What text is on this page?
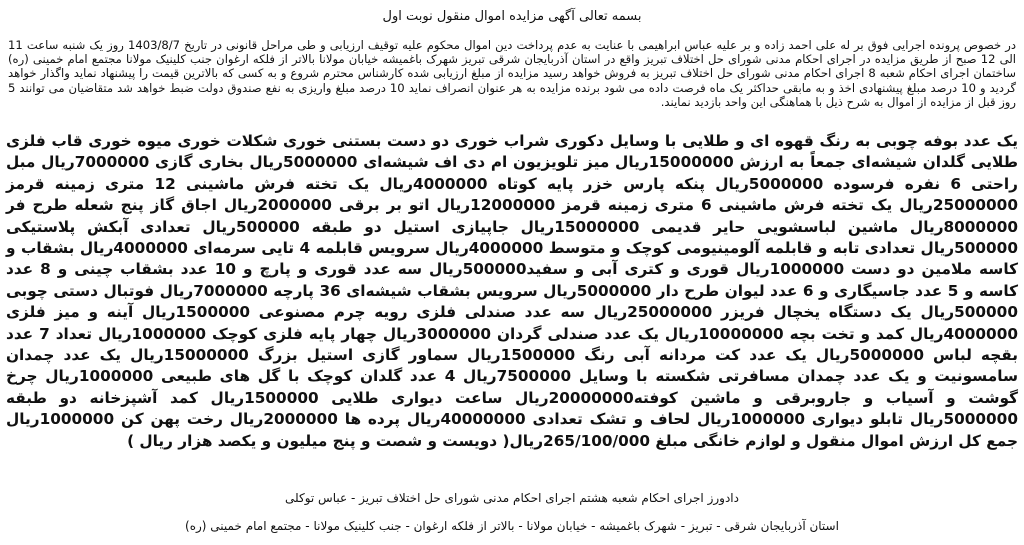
بسمه تعالی آگهی مزایده اموال منقول نوبت اول
در خصوص پرونده اجرایی فوق بر له علی احمد زاده و بر علیه عباس ابراهیمی با عنایت به عدم پرداخت دین اموال محکوم علیه توقیف ارزیابی و طی مراحل قانونی در تاریخ 1403/8/7 روز یک شنبه ساعت 11 الی 12 صبح از طریق مزایده در اجرای احکام مدنی شورای حل اختلاف تبریز واقع در استان آذربایجان شرقی تبریز شهرک باغمیشه خیابان مولانا بالاتر از فلکه ارغوان جنب کلینیک مولانا مجتمع امام خمینی (ره) ساختمان اجرای احکام شعبه 8 اجرای احکام مدنی شورای حل اختلاف تبریز به فروش خواهد رسید مزایده از مبلغ ارزیابی شده کارشناس محترم شروع و به کسی که بالاترین قیمت را پیشنهاد نماید واگذار خواهد گردید و 10 درصد مبلغ پیشنهادی اخذ و به مابقی حداکثر یک ماه فرصت داده می شود برنده مزایده به هر عنوان انصراف نماید 10 درصد مبلغ واریزی به نفع صندوق دولت ضبط خواهد شد متقاضیان می توانند 5 روز قبل از مزایده از اموال به شرح ذیل با هماهنگی این واحد بازدید نمایند.
یک عدد بوفه چوبی به رنگ قهوه ای و طلایی با وسایل دکوری شراب خوری دو دست بستنی خوری شکلات خوری میوه خوری قاب فلزی طلایی گلدان شیشه‌ای جمعاً به ارزش 15000000ریال میز تلویزیون ام دی اف شیشه‌ای 5000000ریال بخاری گازی 7000000ریال مبل راحتی 6 نفره فرسوده 5000000ریال پنکه پارس خزر پایه کوتاه 4000000ریال یک تخته فرش ماشینی 12 متری زمینه قرمز 25000000ریال یک تخته فرش ماشینی 6 متری زمینه قرمز 12000000ریال اتو بر برقی 2000000ریال اجاق گاز پنج شعله طرح فر 8000000ریال ماشین لباسشویی حایر قدیمی 15000000ریال جاپیازی استیل دو طبقه 500000ریال تعدادی آبکش پلاستیکی 500000ریال تعدادی تابه و قابلمه آلومینیومی کوچک و متوسط 4000000ریال سرویس قابلمه 4 تایی سرمه‌ای 4000000ریال بشقاب و کاسه ملامین دو دست 1000000ریال قوری و کتری آبی و سفید500000ریال سه عدد قوری و پارچ و 10 عدد بشقاب چینی و 8 عدد کاسه و 5 عدد جاسیگاری و 6 عدد لیوان طرح دار 5000000ریال سرویس بشقاب شیشه‌ای 36 پارچه 7000000ریال فوتبال دستی چوبی 500000ریال یک دستگاه یخچال فریزر 25000000ریال سه عدد صندلی فلزی رویه چرم مصنوعی 1500000ریال آینه و میز فلزی 4000000ریال کمد و تخت بچه 10000000ریال یک عدد صندلی گردان 3000000ریال چهار پایه فلزی کوچک 1000000ریال تعداد 7 عدد بقچه لباس 5000000ریال یک عدد کت مردانه آبی رنگ 1500000ریال سماور گازی استیل بزرگ 15000000ریال یک عدد چمدان سامسونیت و یک عدد چمدان مسافرتی شکسته با وسایل 7500000ریال 4 عدد گلدان کوچک با گل های طبیعی 1000000ریال چرخ گوشت و آسیاب و جاروبرقی و ماشین کوفته20000000ریال ساعت دیواری طلایی 1500000ریال کمد آشپزخانه دو طبقه 5000000ریال تابلو دیواری 1000000ریال لحاف و تشک تعدادی 40000000ریال پرده ها 2000000ریال رخت پهن کن 1000000ریال جمع کل ارزش اموال منقول و لوازم خانگی مبلغ 265/100/000ریال( دویست و شصت و پنج میلیون و یکصد هزار ریال )
دادورز اجرای احکام شعبه هشتم اجرای احکام مدنی شورای حل اختلاف تبریز - عباس توکلی
استان آذربایجان شرقی - تبریز - شهرک باغمیشه - خیابان مولانا - بالاتر از فلکه ارغوان - جنب کلینیک مولانا - مجتمع امام خمینی (ره)
